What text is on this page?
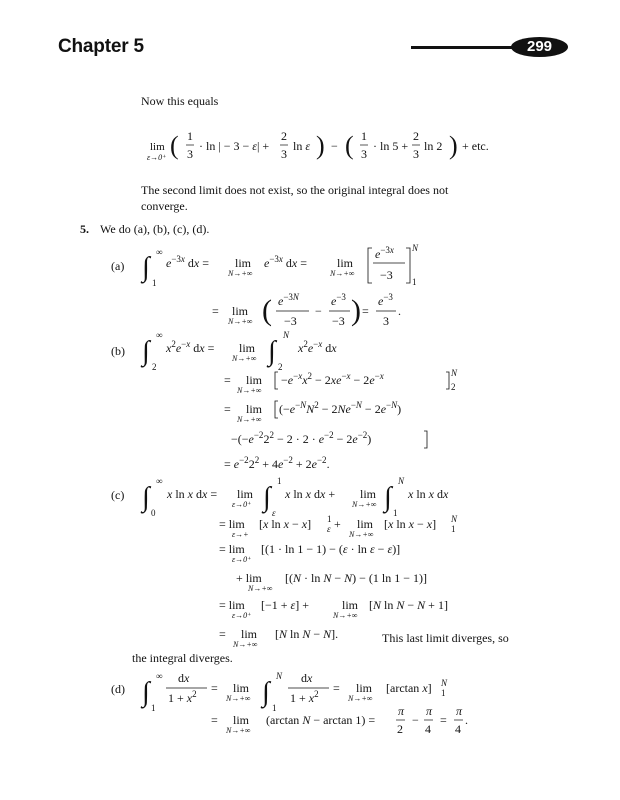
Chapter 5	299
Now this equals
The second limit does not exist, so the original integral does not
converge.
5. We do (a), (b), (c), (d).
(a)
(b)
(c)
(d)
This last limit diverges, so
the integral diverges.
lim
ε→0⁺ ( 1
3
· ln | − 3 − ε| +
2
3
ln ε ) − ( 1
3
· ln 5 +
2
3
ln 2 ) + etc.
∫ ∞
1
$e^{-3x}$ dx = lim
N→+∞
$e^{-3x}$ dx = lim
N→+∞
$e^{-3x}$
−3
N
1
= lim
N→+∞ ( $e^{-3N}$
−3
−
$e^{-3}$
−3 ) =
$e^{-3}$
3
.
∫
∞
2
$x^2e^{-x}$ dx = lim
N→+∞ ∫
N
2
$x^2e^{-x}$ dx
= lim
N→+∞
$-e^{-x}x^2 - 2xe^{-x} - 2e^{-x}$	N
2
= lim
N→+∞
$(-e^{-N}N^2 - 2Ne^{-N} - 2e^{-N})$
$-(-e^{-2}2^2 - 2 \cdot 2 \cdot e^{-2} - 2e^{-2})$
= $e^{-2}2^2 + 4e^{-2} + 2e^{-2}$.
∫
∞
0
x ln x dx = lim
ε→0⁺ ∫
1
ε
x ln x dx + lim
N→+∞ ∫
N
1
x ln x dx
= lim
ε→+
[x ln x − x] 1
ε + lim
N→+∞
[x ln x − x] N
1
= lim
ε→0⁺
[(1 · ln 1 − 1) − (ε · ln ε − ε)]
+ lim
N→+∞
[(N · ln N − N) − (1 ln 1 − 1)]
= lim
ε→0⁺
[−1 + ε] +	lim
N→+∞
[N ln N − N + 1]
= lim
N→+∞
[N ln N − N].
∫
∞
1
dx
$1 + x^2 = \lim$
N→+∞ ∫
N
1
dx
$1 + x^2 = \lim$
N→+∞
[arctan x] N
1
= lim
N→+∞
(arctan N − arctan 1) =
π
2
−
π
4
=
π
4
.
